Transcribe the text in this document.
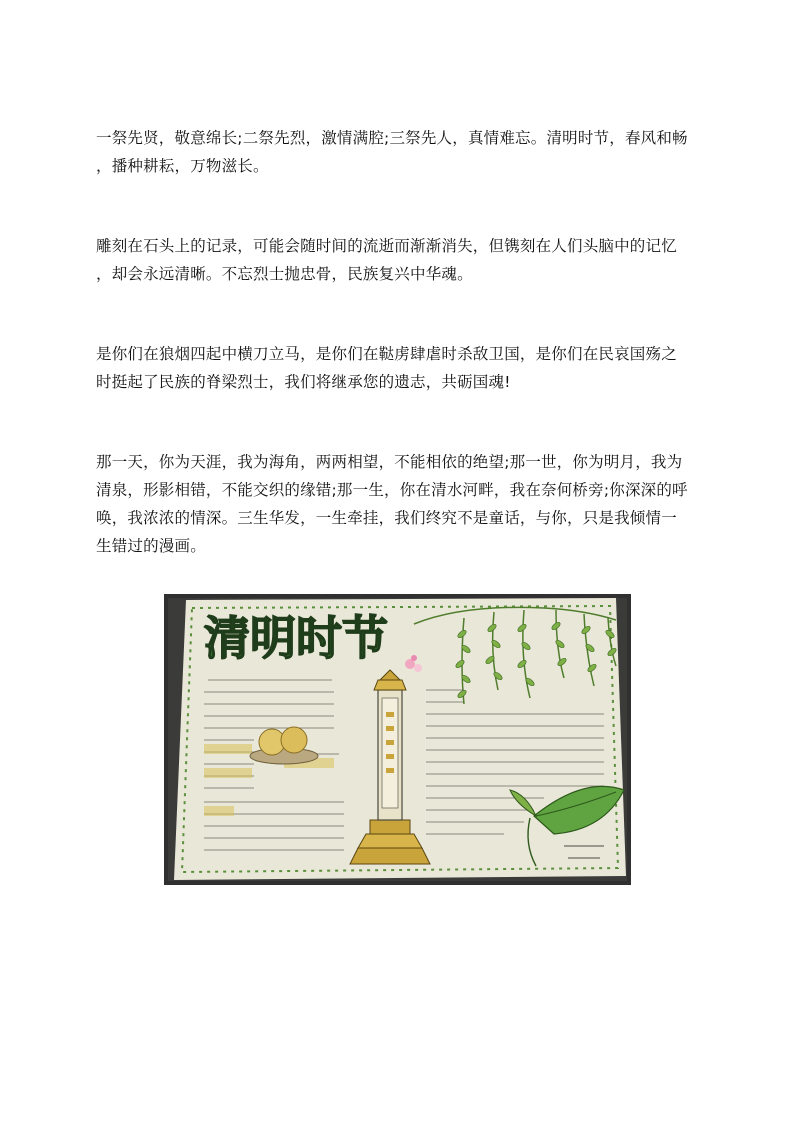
一祭先贤，敬意绵长;二祭先烈，激情满腔;三祭先人，真情难忘。清明时节，春风和畅
，播种耕耘，万物滋长。

雕刻在石头上的记录，可能会随时间的流逝而渐渐消失，但镌刻在人们头脑中的记忆
，却会永远清晰。不忘烈士抛忠骨，民族复兴中华魂。

是你们在狼烟四起中横刀立马，是你们在鞑虏肆虐时杀敌卫国，是你们在民哀国殇之
时挺起了民族的脊梁烈士，我们将继承您的遗志，共砺国魂!

那一天，你为天涯，我为海角，两两相望，不能相依的绝望;那一世，你为明月，我为
清泉，形影相错，不能交织的缘错;那一生，你在清水河畔，我在奈何桥旁;你深深的呼
唤，我浓浓的情深。三生华发，一生牵挂，我们终究不是童话，与你，只是我倾情一
生错过的漫画。

清明时节
